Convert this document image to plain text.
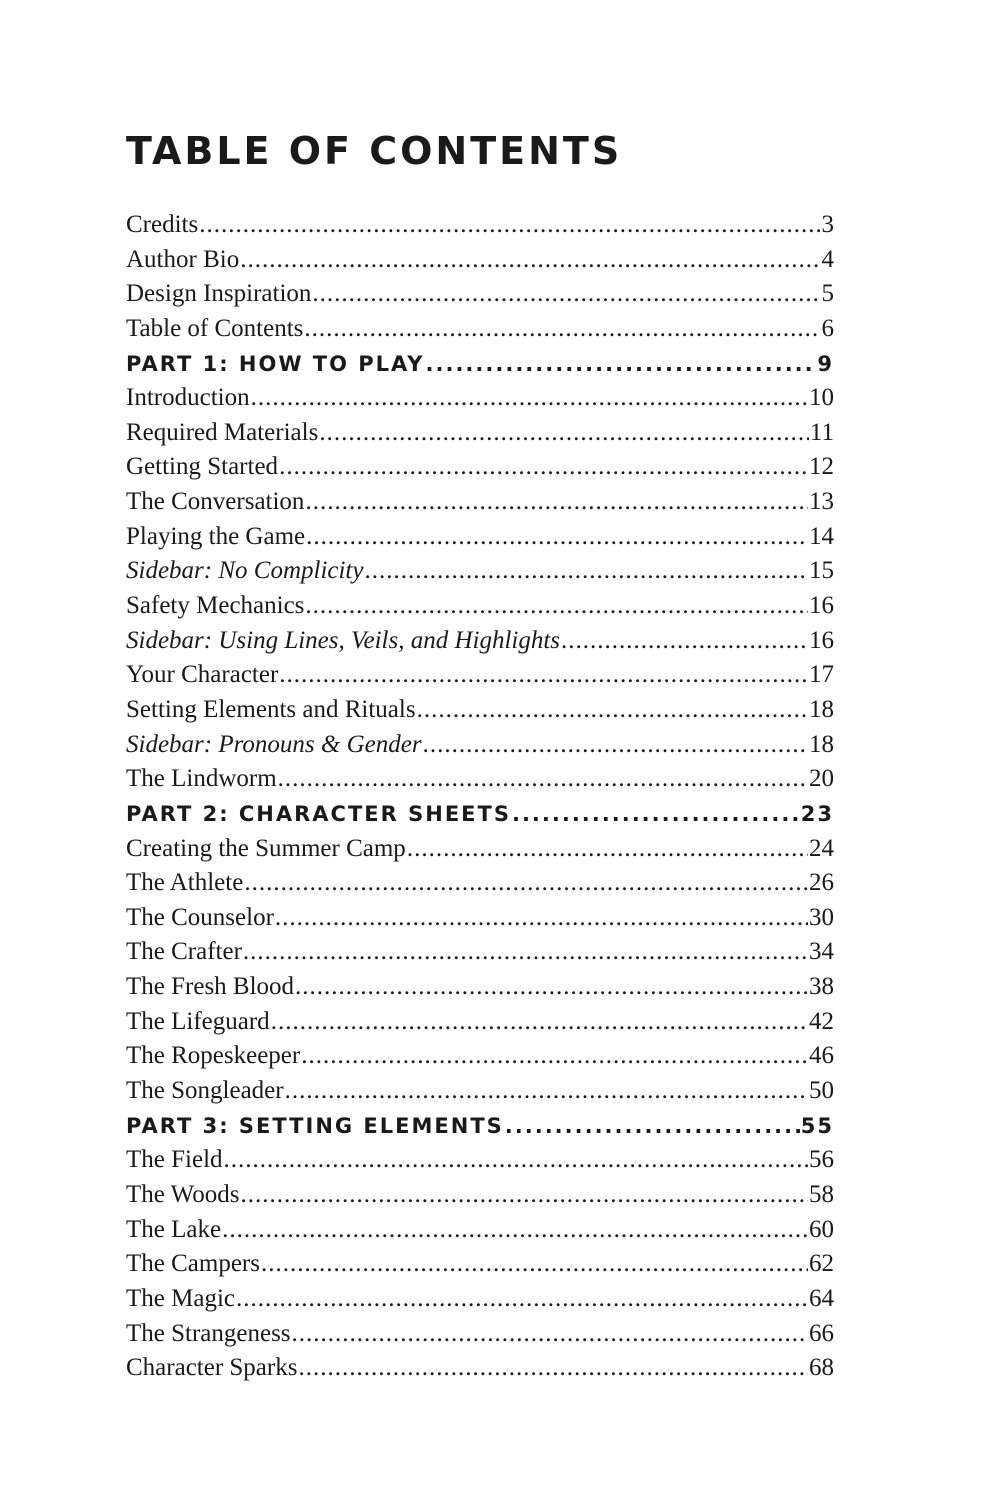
TABLE OF CONTENTS
Credits .....	3
Author Bio .....	4
Design Inspiration .....	5
Table of Contents .....	6
PART 1: HOW TO PLAY .....	9
Introduction .....	10
Required Materials .....	11
Getting Started .....	12
The Conversation .....	13
Playing the Game .....	14
Sidebar: No Complicity .....	15
Safety Mechanics .....	16
Sidebar: Using Lines, Veils, and Highlights .....	16
Your Character .....	17
Setting Elements and Rituals .....	18
Sidebar: Pronouns & Gender .....	18
The Lindworm .....	20
PART 2: CHARACTER SHEETS .....	23
Creating the Summer Camp .....	24
The Athlete .....	26
The Counselor .....	30
The Crafter .....	34
The Fresh Blood .....	38
The Lifeguard .....	42
The Ropeskeeper .....	46
The Songleader .....	50
PART 3: SETTING ELEMENTS .....	55
The Field .....	56
The Woods .....	58
The Lake .....	60
The Campers .....	62
The Magic .....	64
The Strangeness .....	66
Character Sparks .....	68
